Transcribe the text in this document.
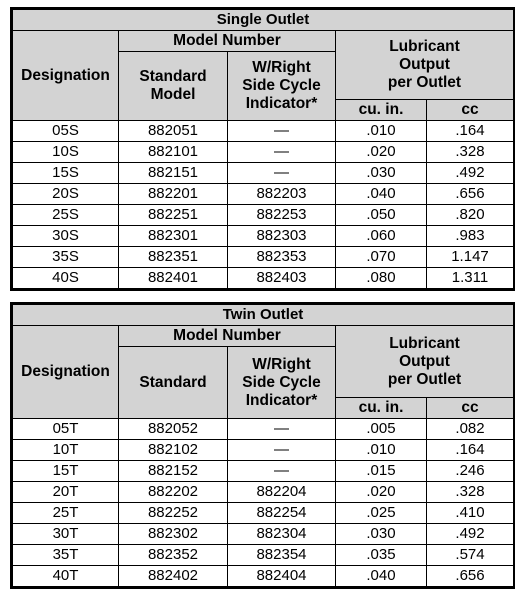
Single Outlet				
Designation	Model Number		Lubricant
Output
per Outlet	

	Standard
Model	W/Right
Side Cycle
Indicator*		

			cu. in.	cc
05S	882051	—	.010	.164
10S	882101	—	.020	.328
15S	882151	—	.030	.492
20S	882201	882203	.040	.656
25S	882251	882253	.050	.820
30S	882301	882303	.060	.983
35S	882351	882353	.070	1.147
40S	882401	882403	.080	1.311
Twin Outlet				
Designation	Model Number		Lubricant
Output
per Outlet	

	Standard	W/Right
Side Cycle
Indicator*		

			cu. in.	cc
05T	882052	—	.005	.082
10T	882102	—	.010	.164
15T	882152	—	.015	.246
20T	882202	882204	.020	.328
25T	882252	882254	.025	.410
30T	882302	882304	.030	.492
35T	882352	882354	.035	.574
40T	882402	882404	.040	.656
